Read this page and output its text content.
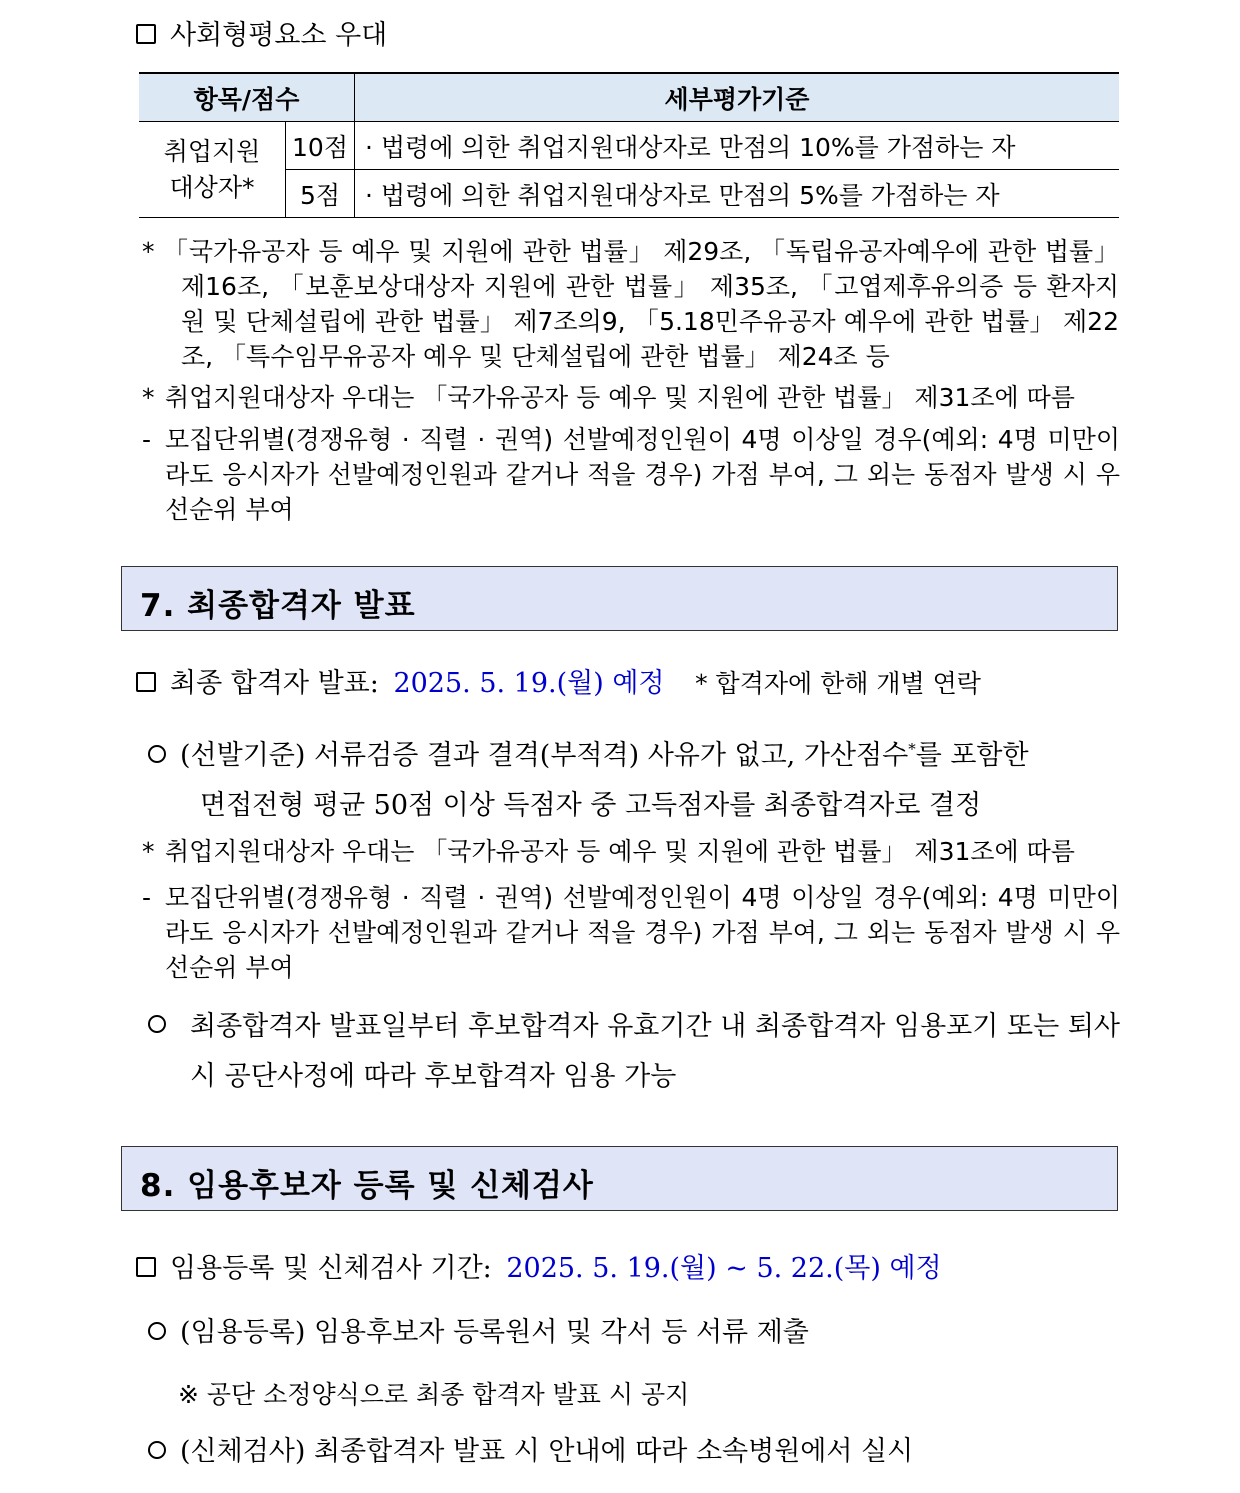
사회형평요소 우대
항목/점수		세부평가기준
취업지원
대상자*	10점	· 법령에 의한 취업지원대상자로 만점의 10%를 가점하는 자
	5점	· 법령에 의한 취업지원대상자로 만점의 5%를 가점하는 자
* 「국가유공자 등 예우 및 지원에 관한 법률」 제29조, 「독립유공자예우에 관한 법률」 제16조, 「보훈보상대상자 지원에 관한 법률」 제35조, 「고엽제후유의증 등 환자지원 및 단체설립에 관한 법률」 제7조의9, 「5.18민주유공자 예우에 관한 법률」 제22조, 「특수임무유공자 예우 및 단체설립에 관한 법률」 제24조 등
* 취업지원대상자 우대는 「국가유공자 등 예우 및 지원에 관한 법률」 제31조에 따름
- 모집단위별(경쟁유형 · 직렬 · 권역) 선발예정인원이 4명 이상일 경우(예외: 4명 미만이라도 응시자가 선발예정인원과 같거나 적을 경우) 가점 부여, 그 외는 동점자 발생 시 우선순위 부여
7. 최종합격자 발표
최종 합격자 발표: 2025. 5. 19.(월) 예정 * 합격자에 한해 개별 연락
(선발기준) 서류검증 결과 결격(부적격) 사유가 없고, 가산점수*를 포함한
면접전형 평균 50점 이상 득점자 중 고득점자를 최종합격자로 결정
* 취업지원대상자 우대는 「국가유공자 등 예우 및 지원에 관한 법률」 제31조에 따름
- 모집단위별(경쟁유형 · 직렬 · 권역) 선발예정인원이 4명 이상일 경우(예외: 4명 미만이라도 응시자가 선발예정인원과 같거나 적을 경우) 가점 부여, 그 외는 동점자 발생 시 우선순위 부여
최종합격자 발표일부터 후보합격자 유효기간 내 최종합격자 임용포기 또는 퇴사 시 공단사정에 따라 후보합격자 임용 가능
8. 임용후보자 등록 및 신체검사
임용등록 및 신체검사 기간: 2025. 5. 19.(월) ~ 5. 22.(목) 예정
(임용등록) 임용후보자 등록원서 및 각서 등 서류 제출
※ 공단 소정양식으로 최종 합격자 발표 시 공지
(신체검사) 최종합격자 발표 시 안내에 따라 소속병원에서 실시
